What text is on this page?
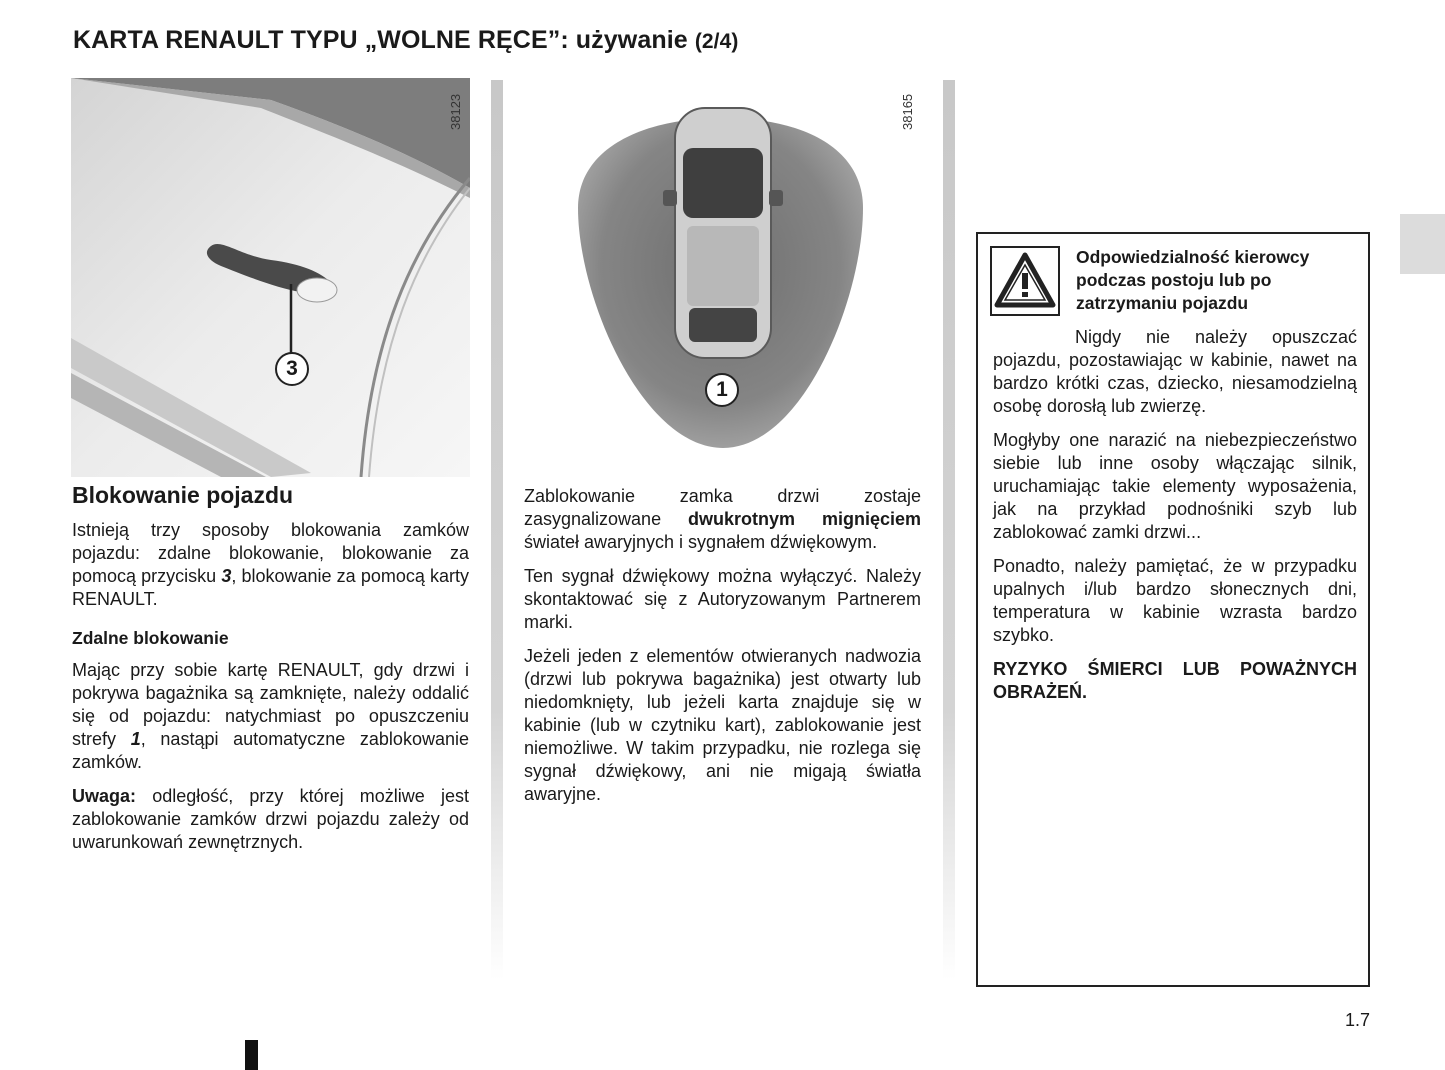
KARTA RENAULT TYPU „WOLNE RĘCE”: używanie (2/4)
3
38123
1
38165
Blokowanie pojazdu

Istnieją trzy sposoby blokowania zamków pojazdu: zdalne blokowanie, blokowanie za pomocą przycisku 3, blokowanie za pomocą karty RENAULT.

Zdalne blokowanie

Mając przy sobie kartę RENAULT, gdy drzwi i pokrywa bagażnika są zamknięte, należy oddalić się od pojazdu: natychmiast po opuszczeniu strefy 1, nastąpi automatyczne zablokowanie zamków.

Uwaga: odległość, przy której możliwe jest zablokowanie zamków drzwi pojazdu zależy od uwarunkowań zewnętrznych.

Zablokowanie zamka drzwi zostaje zasygnalizowane dwukrotnym mignięciem świateł awaryjnych i sygnałem dźwiękowym.

Ten sygnał dźwiękowy można wyłączyć. Należy skontaktować się z Autoryzowanym Partnerem marki.

Jeżeli jeden z elementów otwieranych nadwozia (drzwi lub pokrywa bagażnika) jest otwarty lub niedomknięty, lub jeżeli karta znajduje się w kabinie (lub w czytniku kart), zablokowanie jest niemożliwe. W takim przypadku, nie rozlega się sygnał dźwiękowy, ani nie migają światła awaryjne.

Odpowiedzialność kierowcy podczas postoju lub po zatrzymaniu pojazdu

Nigdy nie należy opuszczać pojazdu, pozostawiając w kabinie, nawet na bardzo krótki czas, dziecko, niesamodzielną osobę dorosłą lub zwierzę.

Mogłyby one narazić na niebezpieczeństwo siebie lub inne osoby włączając silnik, uruchamiając takie elementy wyposażenia, jak na przykład podnośniki szyb lub zablokować zamki drzwi...

Ponadto, należy pamiętać, że w przypadku upalnych i/lub bardzo słonecznych dni, temperatura w kabinie wzrasta bardzo szybko.

RYZYKO ŚMIERCI LUB POWAŻNYCH OBRAŻEŃ.

1.7
